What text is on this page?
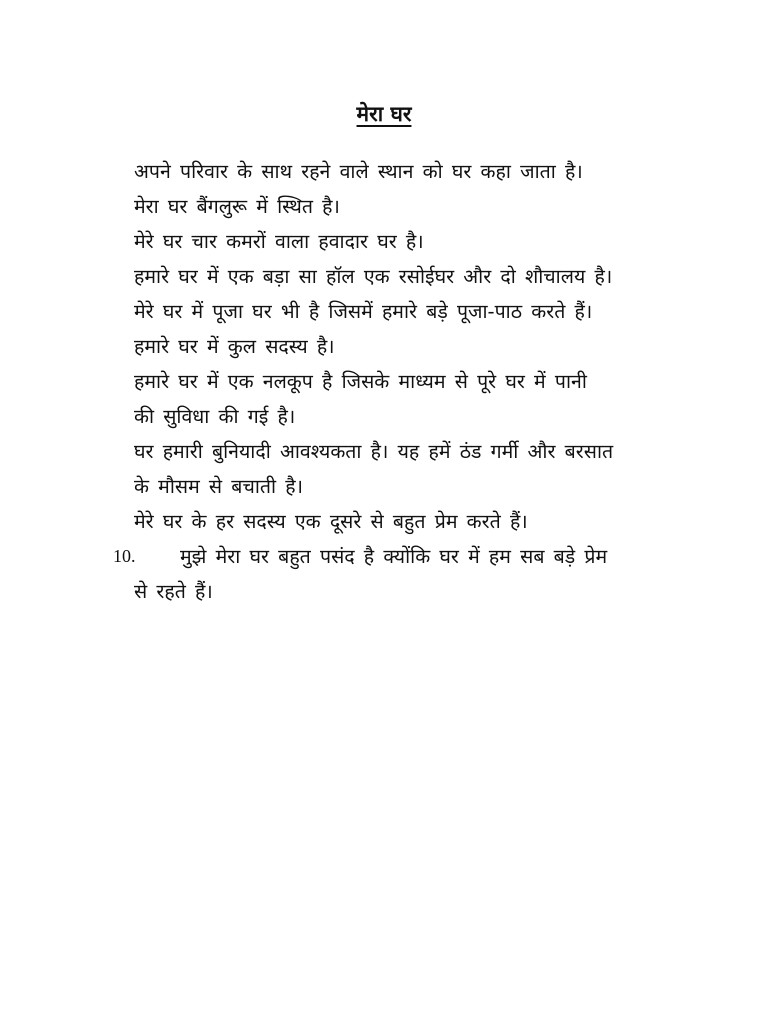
मेरा घर
अपने परिवार के साथ रहने वाले स्थान को घर कहा जाता है।
मेरा घर बैंगलुरू में स्थित है।
मेरे घर चार कमरों वाला हवादार घर है।
हमारे घर में एक बड़ा सा हॉल एक रसोईघर और दो शौचालय है।
मेरे घर में पूजा घर भी है जिसमें हमारे बड़े पूजा-पाठ करते हैं।
हमारे घर में कुल सदस्य है।
हमारे घर में एक नलकूप है जिसके माध्यम से पूरे घर में पानी
की सुविधा की गई है।
घर हमारी बुनियादी आवश्यकता है। यह हमें ठंड गर्मी और बरसात
के मौसम से बचाती है।
मेरे घर के हर सदस्य एक दूसरे से बहुत प्रेम करते हैं।
10. मुझे मेरा घर बहुत पसंद है क्योंकि घर में हम सब बड़े प्रेम
से रहते हैं।
